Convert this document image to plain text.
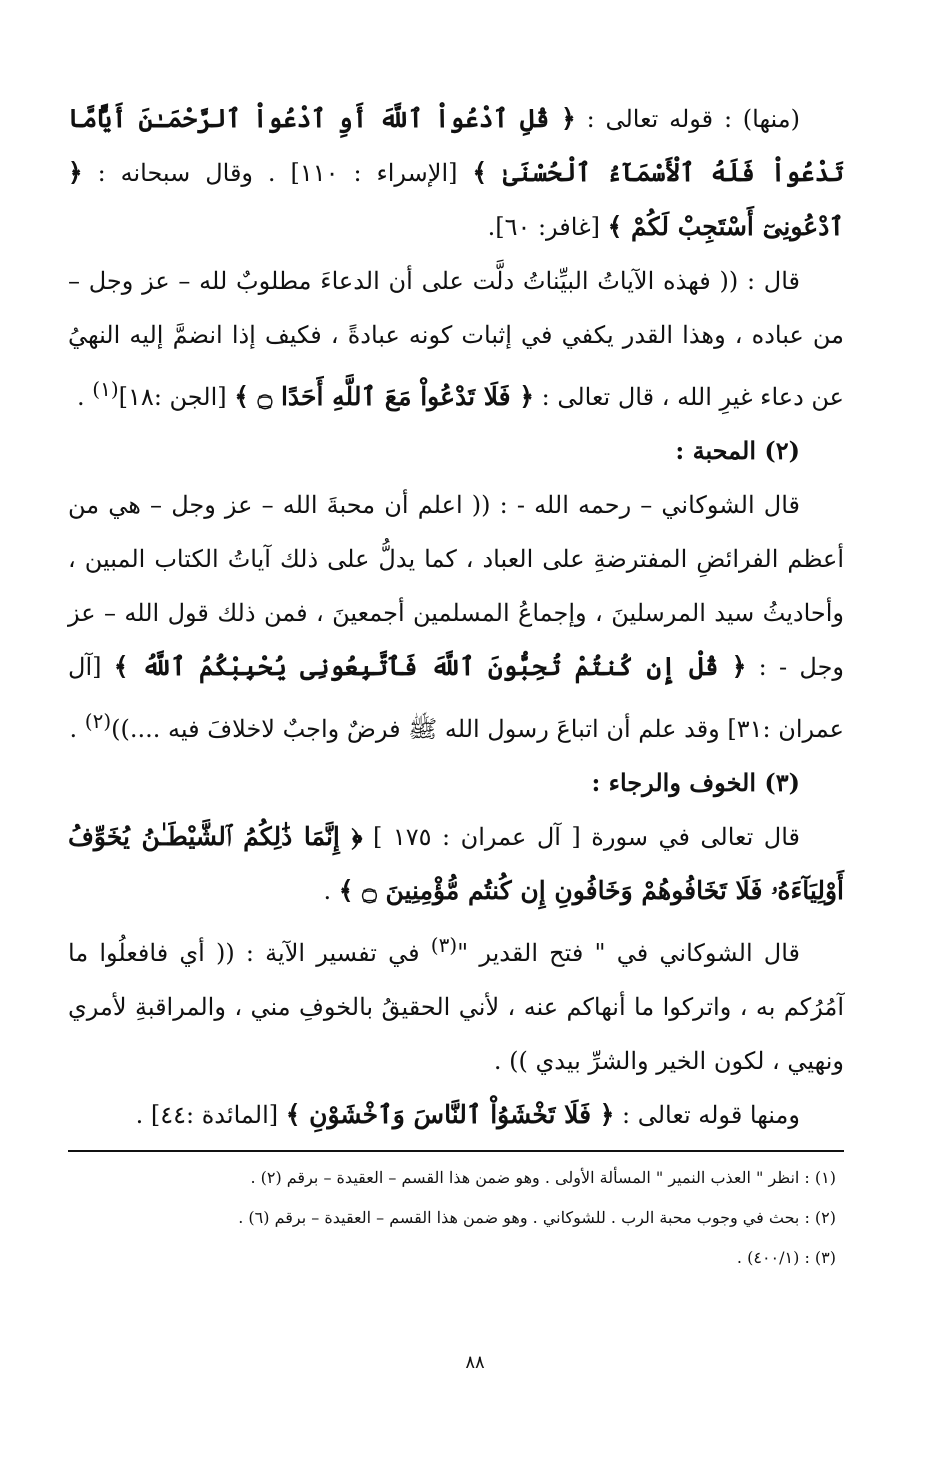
(منها) : قوله تعالى : ﴿ قُلِ ٱدْعُواْ ٱللَّهَ أَوِ ٱدْعُواْ ٱلرَّحْمَـٰنَ أَيًّامَّا تَدْعُواْ فَلَهُ ٱلْأَسْمَآءُ ٱلْحُسْنَىٰ ﴾ [الإسراء : ١١٠] . وقال سبحانه : ﴿ ٱدْعُونِىٓ أَسْتَجِبْ لَكُمْ ﴾ [غافر: ٦٠].

قال : (( فهذه الآياتُ البيِّناتُ دلَّت على أن الدعاءَ مطلوبٌ لله – عز وجل – من عباده ، وهذا القدر يكفي في إثبات كونه عبادةً ، فكيف إذا انضمَّ إليه النهيُ عن دعاء غيرِ الله ، قال تعالى : ﴿ فَلَا تَدْعُواْ مَعَ ٱللَّهِ أَحَدًا ۝ ﴾ [الجن :١٨]$^{(١)}$ .

(٢) المحبة :

قال الشوكاني – رحمه الله - : (( اعلم أن محبةَ الله – عز وجل – هي من أعظم الفرائضِ المفترضةِ على العباد ، كما يدلُّ على ذلك آياتُ الكتاب المبين ، وأحاديثُ سيد المرسلينَ ، وإجماعُ المسلمين أجمعينَ ، فمن ذلك قول الله – عز وجل - : ﴿ قُلْ إِن كُنتُمْ تُحِبُّونَ ٱللَّهَ فَٱتَّبِعُونِى يُحْبِبْكُمُ ٱللَّهُ ﴾ [آل عمران :٣١] وقد علم أن اتباعَ رسول الله ﷺ فرضٌ واجبٌ لاخلافَ فيه ....))$^{(٢)}$ .

(٣) الخوف والرجاء :

قال تعالى في سورة [ آل عمران : ١٧٥ ] ﴿ إِنَّمَا ذَٰلِكُمُ ٱلشَّيْطَـٰنُ يُخَوِّفُ أَوْلِيَآءَهُۥ فَلَا تَخَافُوهُمْ وَخَافُونِ إِن كُنتُم مُّؤْمِنِينَ ۝ ﴾ .

قال الشوكاني في " فتح القدير "$^{(٣)}$ في تفسير الآية : (( أي فافعلُوا ما آمُرُكم به ، واتركوا ما أنهاكم عنه ، لأني الحقيقُ بالخوفِ مني ، والمراقبةِ لأمري ونهيي ، لكون الخير والشرِّ بيدي )) .

ومنها قوله تعالى : ﴿ فَلَا تَخْشَوُاْ ٱلنَّاسَ وَٱخْشَوْنِ ﴾ [المائدة :٤٤] .

(١) : انظر " العذب النمير " المسألة الأولى . وهو ضمن هذا القسم – العقيدة – برقم (٢) .

(٢) : بحث في وجوب محبة الرب . للشوكاني . وهو ضمن هذا القسم – العقيدة – برقم (٦) .

(٣) : (٤٠٠/١) .

٨٨
